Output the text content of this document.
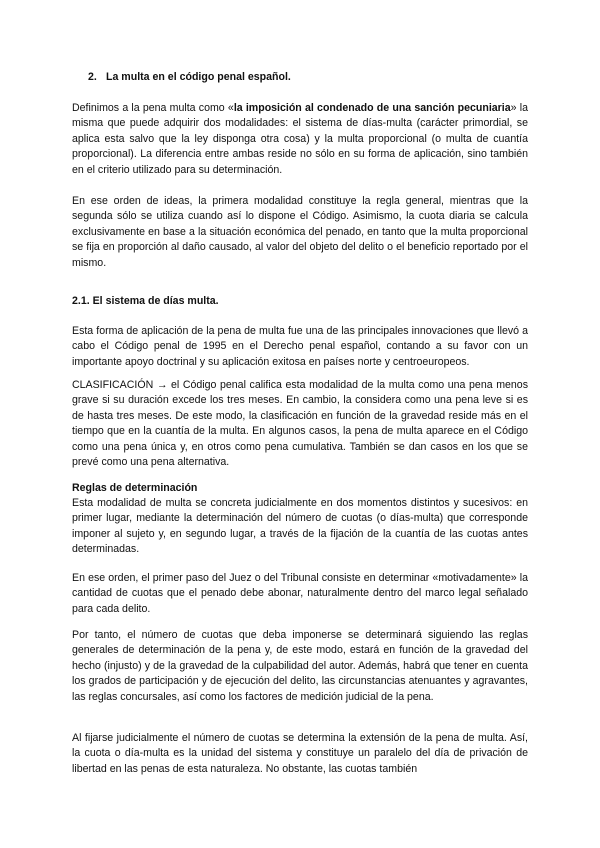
2. La multa en el código penal español.

Definimos a la pena multa como «la imposición al condenado de una sanción pecuniaria» la misma que puede adquirir dos modalidades: el sistema de días-multa (carácter primordial, se aplica esta salvo que la ley disponga otra cosa) y la multa proporcional (o multa de cuantía proporcional). La diferencia entre ambas reside no sólo en su forma de aplicación, sino también en el criterio utilizado para su determinación.

En ese orden de ideas, la primera modalidad constituye la regla general, mientras que la segunda sólo se utiliza cuando así lo dispone el Código. Asimismo, la cuota diaria se calcula exclusivamente en base a la situación económica del penado, en tanto que la multa proporcional se fija en proporción al daño causado, al valor del objeto del delito o el beneficio reportado por el mismo.

2.1. El sistema de días multa.

Esta forma de aplicación de la pena de multa fue una de las principales innovaciones que llevó a cabo el Código penal de 1995 en el Derecho penal español, contando a su favor con un importante apoyo doctrinal y su aplicación exitosa en países norte y centroeuropeos.

CLASIFICACIÓN → el Código penal califica esta modalidad de la multa como una pena menos grave si su duración excede los tres meses. En cambio, la considera como una pena leve si es de hasta tres meses. De este modo, la clasificación en función de la gravedad reside más en el tiempo que en la cuantía de la multa. En algunos casos, la pena de multa aparece en el Código como una pena única y, en otros como pena cumulativa. También se dan casos en los que se prevé como una pena alternativa.

Reglas de determinación

Esta modalidad de multa se concreta judicialmente en dos momentos distintos y sucesivos: en primer lugar, mediante la determinación del número de cuotas (o días-multa) que corresponde imponer al sujeto y, en segundo lugar, a través de la fijación de la cuantía de las cuotas antes determinadas.

En ese orden, el primer paso del Juez o del Tribunal consiste en determinar «motivadamente» la cantidad de cuotas que el penado debe abonar, naturalmente dentro del marco legal señalado para cada delito.

Por tanto, el número de cuotas que deba imponerse se determinará siguiendo las reglas generales de determinación de la pena y, de este modo, estará en función de la gravedad del hecho (injusto) y de la gravedad de la culpabilidad del autor. Además, habrá que tener en cuenta los grados de participación y de ejecución del delito, las circunstancias atenuantes y agravantes, las reglas concursales, así como los factores de medición judicial de la pena.

Al fijarse judicialmente el número de cuotas se determina la extensión de la pena de multa. Así, la cuota o día-multa es la unidad del sistema y constituye un paralelo del día de privación de libertad en las penas de esta naturaleza. No obstante, las cuotas también
